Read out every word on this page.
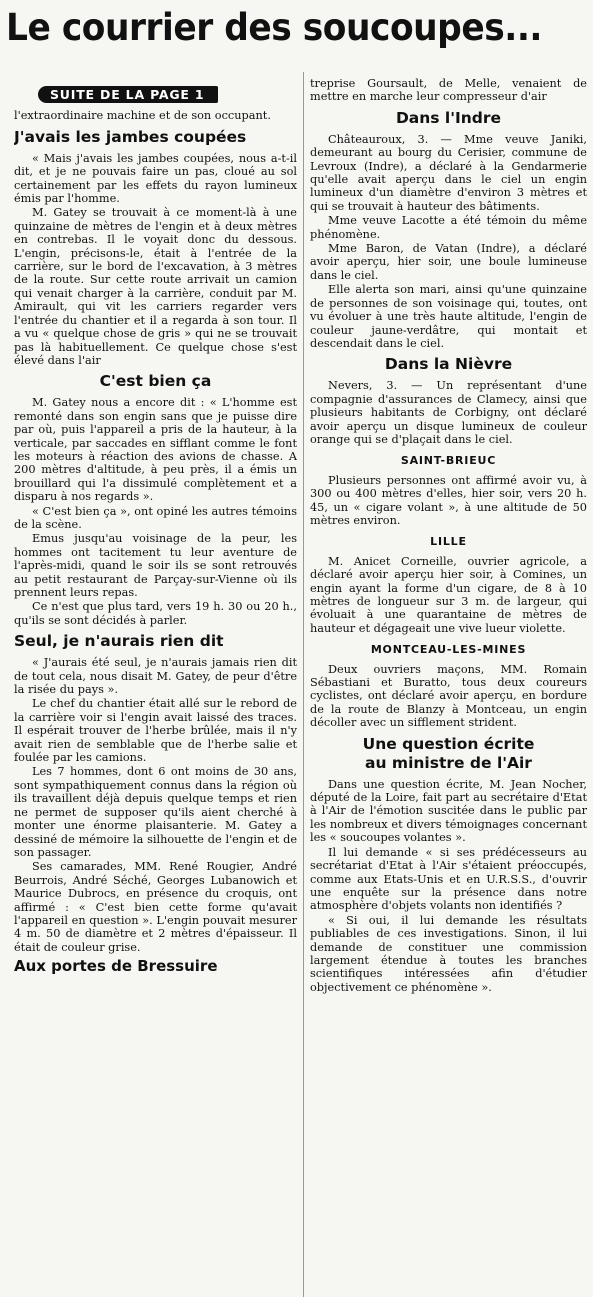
Le courrier des soucoupes...
SUITE DE LA PAGE 1

l'extraordinaire machine et de son occupant.

J'avais les jambes coupées

« Mais j'avais les jambes coupées, nous a-t-il dit, et je ne pouvais faire un pas, cloué au sol certainement par les effets du rayon lumineux émis par l'homme.

M. Gatey se trouvait à ce moment-là à une quinzaine de mètres de l'engin et à deux mètres en contrebas. Il le voyait donc du dessous. L'engin, précisons-le, était à l'entrée de la carrière, sur le bord de l'excavation, à 3 mètres de la route. Sur cette route arrivait un camion qui venait charger à la carrière, conduit par M. Amirault, qui vit les carriers regarder vers l'entrée du chantier et il a regarda à son tour. Il a vu « quelque chose de gris » qui ne se trouvait pas là habituellement. Ce quelque chose s'est élevé dans l'air

C'est bien ça

M. Gatey nous a encore dit : « L'homme est remonté dans son engin sans que je puisse dire par où, puis l'appareil a pris de la hauteur, à la verticale, par saccades en sifflant comme le font les moteurs à réaction des avions de chasse. A 200 mètres d'altitude, à peu près, il a émis un brouillard qui l'a dissimulé complètement et a disparu à nos regards ».

« C'est bien ça », ont opiné les autres témoins de la scène.

Emus jusqu'au voisinage de la peur, les hommes ont tacitement tu leur aventure de l'après-midi, quand le soir ils se sont retrouvés au petit restaurant de Parçay-sur-Vienne où ils prennent leurs repas.

Ce n'est que plus tard, vers 19 h. 30 ou 20 h., qu'ils se sont décidés à parler.

Seul, je n'aurais rien dit

« J'aurais été seul, je n'aurais jamais rien dit de tout cela, nous disait M. Gatey, de peur d'être la risée du pays ».

Le chef du chantier était allé sur le rebord de la carrière voir si l'engin avait laissé des traces. Il espérait trouver de l'herbe brûlée, mais il n'y avait rien de semblable que de l'herbe salie et foulée par les camions.

Les 7 hommes, dont 6 ont moins de 30 ans, sont sympathiquement connus dans la région où ils travaillent déjà depuis quelque temps et rien ne permet de supposer qu'ils aient cherché à monter une énorme plaisanterie. M. Gatey a dessiné de mémoire la silhouette de l'engin et de son passager.

Ses camarades, MM. René Rougier, André Beurrois, André Séché, Georges Lubanowich et Maurice Dubrocs, en présence du croquis, ont affirmé : « C'est bien cette forme qu'avait l'appareil en question ». L'engin pouvait mesurer 4 m. 50 de diamètre et 2 mètres d'épaisseur. Il était de couleur grise.

Aux portes de Bressuire

treprise Goursault, de Melle, venaient de mettre en marche leur compresseur d'air

Dans l'Indre

Châteauroux, 3. — Mme veuve Janiki, demeurant au bourg du Cerisier, commune de Levroux (Indre), a déclaré à la Gendarmerie qu'elle avait aperçu dans le ciel un engin lumineux d'un diamètre d'environ 3 mètres et qui se trouvait à hauteur des bâtiments.

Mme veuve Lacotte a été témoin du même phénomène.

Mme Baron, de Vatan (Indre), a déclaré avoir aperçu, hier soir, une boule lumineuse dans le ciel.

Elle alerta son mari, ainsi qu'une quinzaine de personnes de son voisinage qui, toutes, ont vu évoluer à une très haute altitude, l'engin de couleur jaune-verdâtre, qui montait et descendait dans le ciel.

Dans la Nièvre

Nevers, 3. — Un représentant d'une compagnie d'assurances de Clamecy, ainsi que plusieurs habitants de Corbigny, ont déclaré avoir aperçu un disque lumineux de couleur orange qui se d'plaçait dans le ciel.

SAINT-BRIEUC

Plusieurs personnes ont affirmé avoir vu, à 300 ou 400 mètres d'elles, hier soir, vers 20 h. 45, un « cigare volant », à une altitude de 50 mètres environ.

LILLE

M. Anicet Corneille, ouvrier agricole, a déclaré avoir aperçu hier soir, à Comines, un engin ayant la forme d'un cigare, de 8 à 10 mètres de longueur sur 3 m. de largeur, qui évoluait à une quarantaine de mètres de hauteur et dégageait une vive lueur violette.

MONTCEAU-LES-MINES

Deux ouvriers maçons, MM. Romain Sébastiani et Buratto, tous deux coureurs cyclistes, ont déclaré avoir aperçu, en bordure de la route de Blanzy à Montceau, un engin décoller avec un sifflement strident.

Une question écrite
au ministre de l'Air

Dans une question écrite, M. Jean Nocher, député de la Loire, fait part au secrétaire d'Etat à l'Air de l'émotion suscitée dans le public par les nombreux et divers témoignages concernant les « soucoupes volantes ».

Il lui demande « si ses prédécesseurs au secrétariat d'Etat à l'Air s'étaient préoccupés, comme aux Etats-Unis et en U.R.S.S., d'ouvrir une enquête sur la présence dans notre atmosphère d'objets volants non identifiés ?

« Si oui, il lui demande les résultats publiables de ces investigations. Sinon, il lui demande de constituer une commission largement étendue à toutes les branches scientifiques intéressées afin d'étudier objectivement ce phénomène ».
